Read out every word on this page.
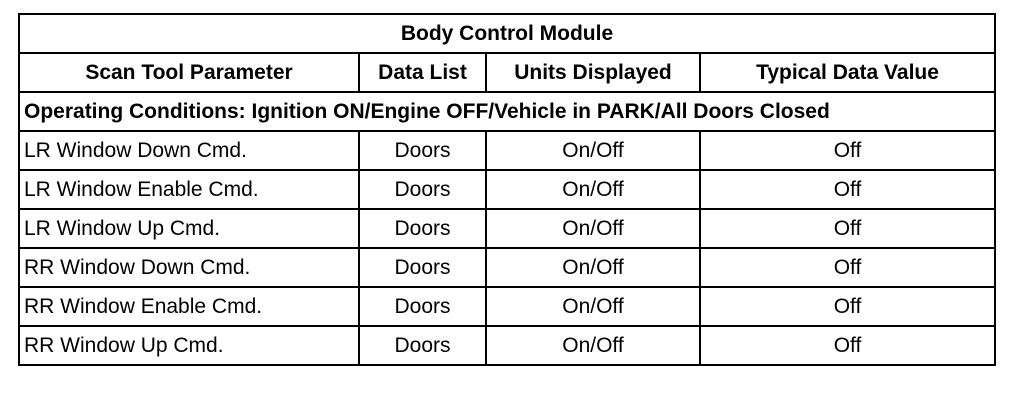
Body Control Module			
Scan Tool Parameter	Data List	Units Displayed	Typical Data Value
Operating Conditions: Ignition ON/Engine OFF/Vehicle in PARK/All Doors Closed			
LR Window Down Cmd.	Doors	On/Off	Off
LR Window Enable Cmd.	Doors	On/Off	Off
LR Window Up Cmd.	Doors	On/Off	Off
RR Window Down Cmd.	Doors	On/Off	Off
RR Window Enable Cmd.	Doors	On/Off	Off
RR Window Up Cmd.	Doors	On/Off	Off
